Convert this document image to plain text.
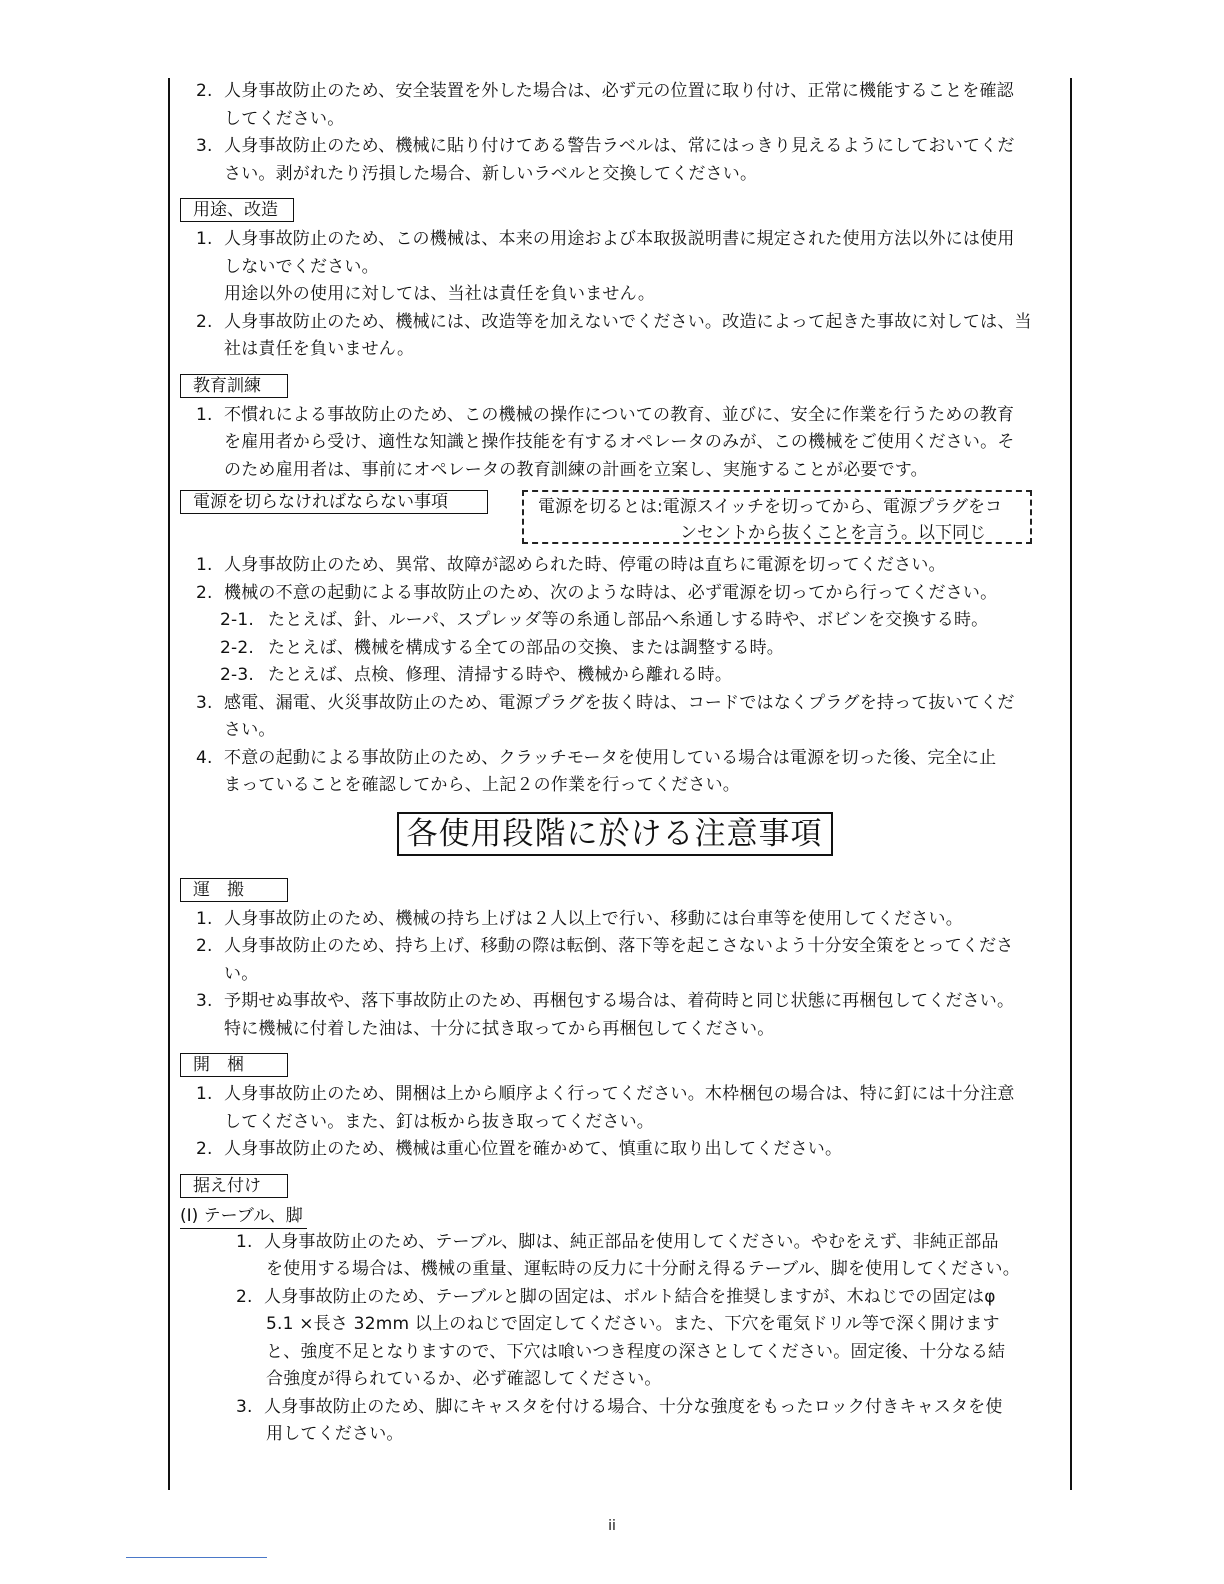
2. 人身事故防止のため、安全装置を外した場合は、必ず元の位置に取り付け、正常に機能することを確認
してください。
3. 人身事故防止のため、機械に貼り付けてある警告ラベルは、常にはっきり見えるようにしておいてくだ
さい。剥がれたり汚損した場合、新しいラベルと交換してください。
用途、改造
1. 人身事故防止のため、この機械は、本来の用途および本取扱説明書に規定された使用方法以外には使用
しないでください。
用途以外の使用に対しては、当社は責任を負いません。
2. 人身事故防止のため、機械には、改造等を加えないでください。改造によって起きた事故に対しては、当
社は責任を負いません。
教育訓練
1. 不慣れによる事故防止のため、この機械の操作についての教育、並びに、安全に作業を行うための教育
を雇用者から受け、適性な知識と操作技能を有するオペレータのみが、この機械をご使用ください。そ
のため雇用者は、事前にオペレータの教育訓練の計画を立案し、実施することが必要です。
電源を切らなければならない事項	電源を切るとは:電源スイッチを切ってから、電源プラグをコ
ンセントから抜くことを言う。以下同じ
1. 人身事故防止のため、異常、故障が認められた時、停電の時は直ちに電源を切ってください。
2. 機械の不意の起動による事故防止のため、次のような時は、必ず電源を切ってから行ってください。
2-1. たとえば、針、ルーパ、スプレッダ等の糸通し部品へ糸通しする時や、ボビンを交換する時。
2-2. たとえば、機械を構成する全ての部品の交換、または調整する時。
2-3. たとえば、点検、修理、清掃する時や、機械から離れる時。
3. 感電、漏電、火災事故防止のため、電源プラグを抜く時は、コードではなくプラグを持って抜いてくだ
さい。
4. 不意の起動による事故防止のため、クラッチモータを使用している場合は電源を切った後、完全に止
まっていることを確認してから、上記２の作業を行ってください。
各使用段階に於ける注意事項
運　搬
1. 人身事故防止のため、機械の持ち上げは２人以上で行い、移動には台車等を使用してください。
2. 人身事故防止のため、持ち上げ、移動の際は転倒、落下等を起こさないよう十分安全策をとってくださ
い。
3. 予期せぬ事故や、落下事故防止のため、再梱包する場合は、着荷時と同じ状態に再梱包してください。
特に機械に付着した油は、十分に拭き取ってから再梱包してください。
開　梱
1. 人身事故防止のため、開梱は上から順序よく行ってください。木枠梱包の場合は、特に釘には十分注意
してください。また、釘は板から抜き取ってください。
2. 人身事故防止のため、機械は重心位置を確かめて、慎重に取り出してください。
据え付け
(Ⅰ) テーブル、脚
1. 人身事故防止のため、テーブル、脚は、純正部品を使用してください。やむをえず、非純正部品
を使用する場合は、機械の重量、運転時の反力に十分耐え得るテーブル、脚を使用してください。
2. 人身事故防止のため、テーブルと脚の固定は、ボルト結合を推奨しますが、木ねじでの固定はφ
5.1 ×長さ 32mm 以上のねじで固定してください。また、下穴を電気ドリル等で深く開けます
と、強度不足となりますので、下穴は喰いつき程度の深さとしてください。固定後、十分なる結
合強度が得られているか、必ず確認してください。
3. 人身事故防止のため、脚にキャスタを付ける場合、十分な強度をもったロック付きキャスタを使
用してください。
ii
